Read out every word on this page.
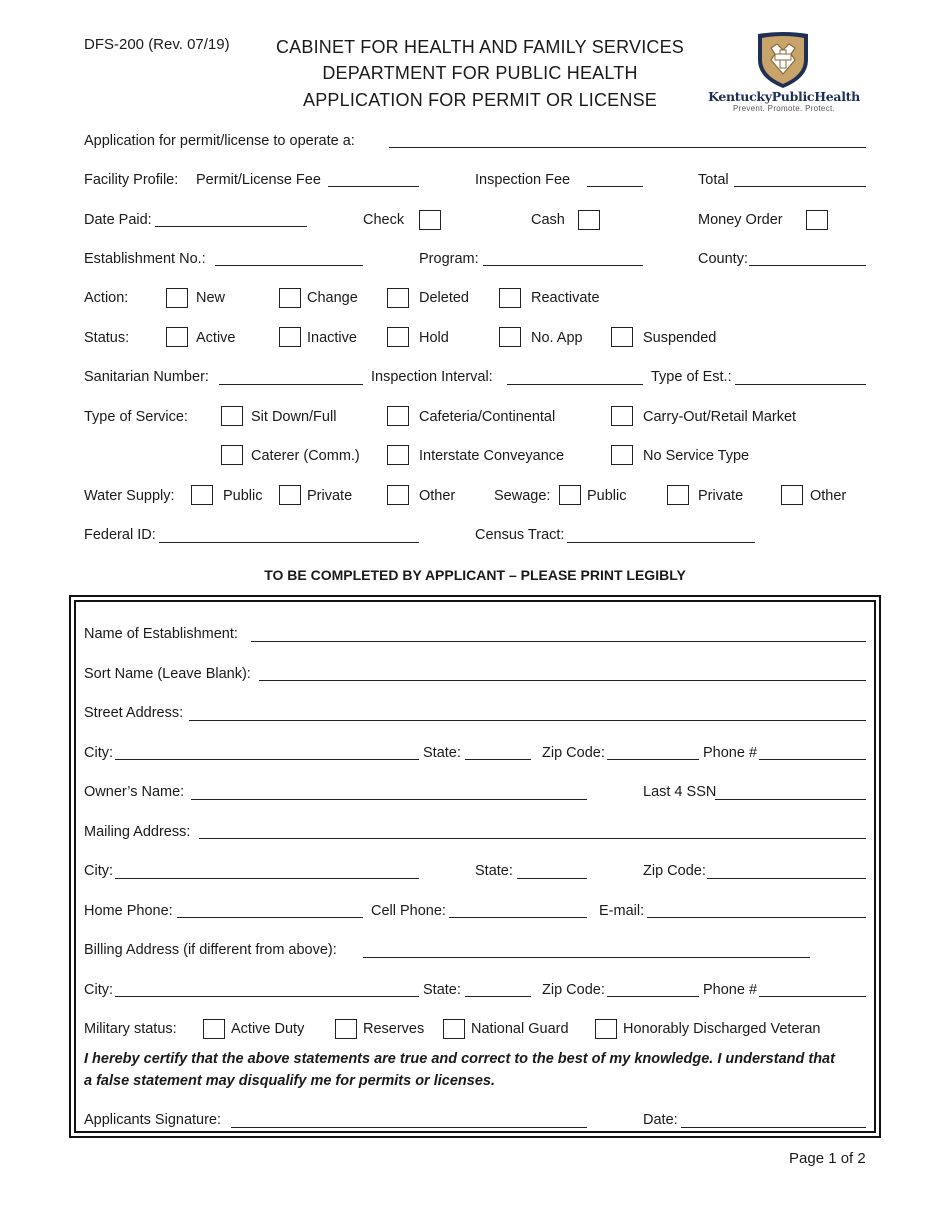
DFS-200 (Rev. 07/19)	CABINET FOR HEALTH AND FAMILY SERVICES
DEPARTMENT FOR PUBLIC HEALTH
APPLICATION FOR PERMIT OR LICENSE	KentuckyPublicHealth
Prevent. Promote. Protect.
Application for permit/license to operate a:
Facility Profile: Permit/License Fee	Inspection Fee	Total
Date Paid:	Check	Cash	Money Order
Establishment No.:	Program:	County:
Action:	New	Change	Deleted	Reactivate
Status:	Active	Inactive	Hold	No. App	Suspended
Sanitarian Number:	Inspection Interval:	Type of Est.:
Type of Service:	Sit Down/Full	Cafeteria/Continental	Carry-Out/Retail Market
Caterer (Comm.)	Interstate Conveyance	No Service Type
Water Supply:	Public	Private	Other	Sewage:	Public	Private	Other
Federal ID:	Census Tract:
TO BE COMPLETED BY APPLICANT – PLEASE PRINT LEGIBLY
Name of Establishment:
Sort Name (Leave Blank):
Street Address:
City:	State:	Zip Code:	Phone #
Owner’s Name:	Last 4 SSN
Mailing Address:
City:	State:	Zip Code:
Home Phone:	Cell Phone:	E-mail:
Billing Address (if different from above):
City:	State:	Zip Code:	Phone #
Military status:	Active Duty	Reserves	National Guard	Honorably Discharged Veteran
I hereby certify that the above statements are true and correct to the best of my knowledge. I understand that
a false statement may disqualify me for permits or licenses.
Applicants Signature:	Date:
Page 1 of 2
